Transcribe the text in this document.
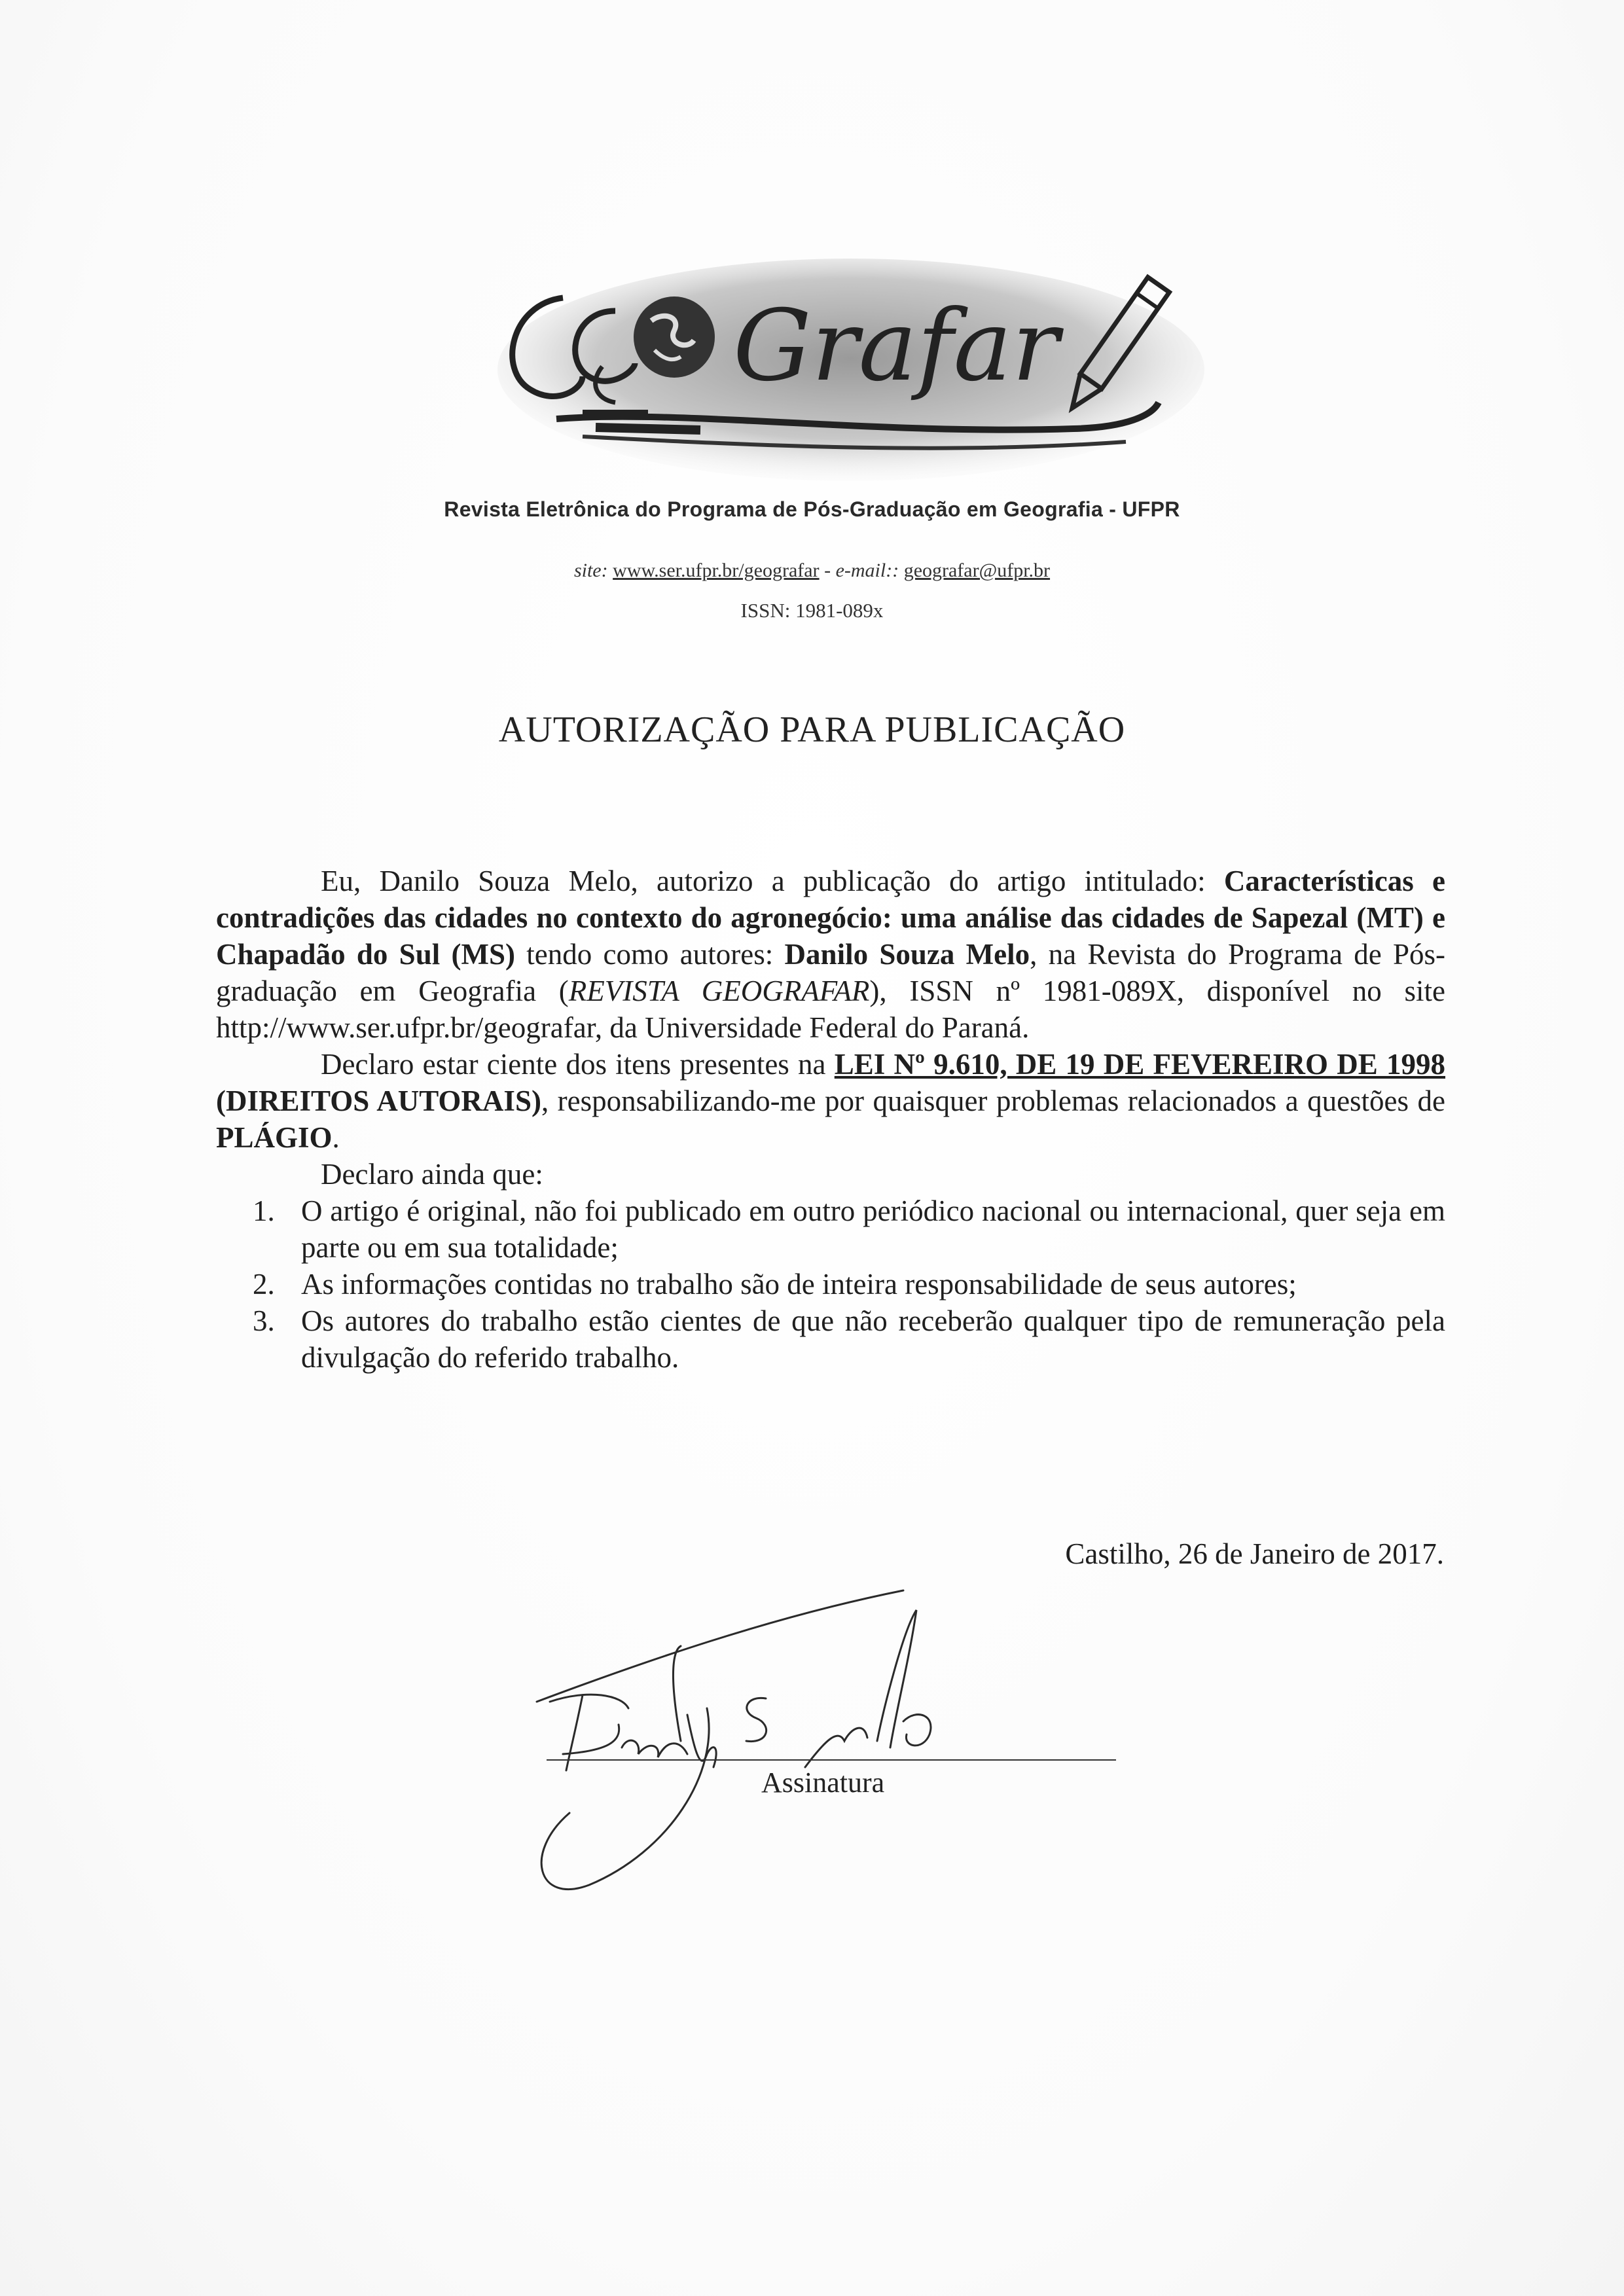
Grafar
Revista Eletrônica do Programa de Pós-Graduação em Geografia - UFPR
site: www.ser.ufpr.br/geografar - e-mail:: geografar@ufpr.br
ISSN: 1981-089x
AUTORIZAÇÃO PARA PUBLICAÇÃO

Eu, Danilo Souza Melo, autorizo a publicação do artigo intitulado: Características e contradições das cidades no contexto do agronegócio: uma análise das cidades de Sapezal (MT) e Chapadão do Sul (MS) tendo como autores: Danilo Souza Melo, na Revista do Programa de Pós-graduação em Geografia (REVISTA GEOGRAFAR), ISSN nº 1981-089X, disponível no site http://www.ser.ufpr.br/geografar, da Universidade Federal do Paraná.

Declaro estar ciente dos itens presentes na LEI Nº 9.610, DE 19 DE FEVEREIRO DE 1998 (DIREITOS AUTORAIS), responsabilizando-me por quaisquer problemas relacionados a questões de PLÁGIO.

Declaro ainda que:

1. O artigo é original, não foi publicado em outro periódico nacional ou internacional, quer seja em parte ou em sua totalidade;
2. As informações contidas no trabalho são de inteira responsabilidade de seus autores;
3. Os autores do trabalho estão cientes de que não receberão qualquer tipo de remuneração pela divulgação do referido trabalho.
Castilho, 26 de Janeiro de 2017.
Assinatura
